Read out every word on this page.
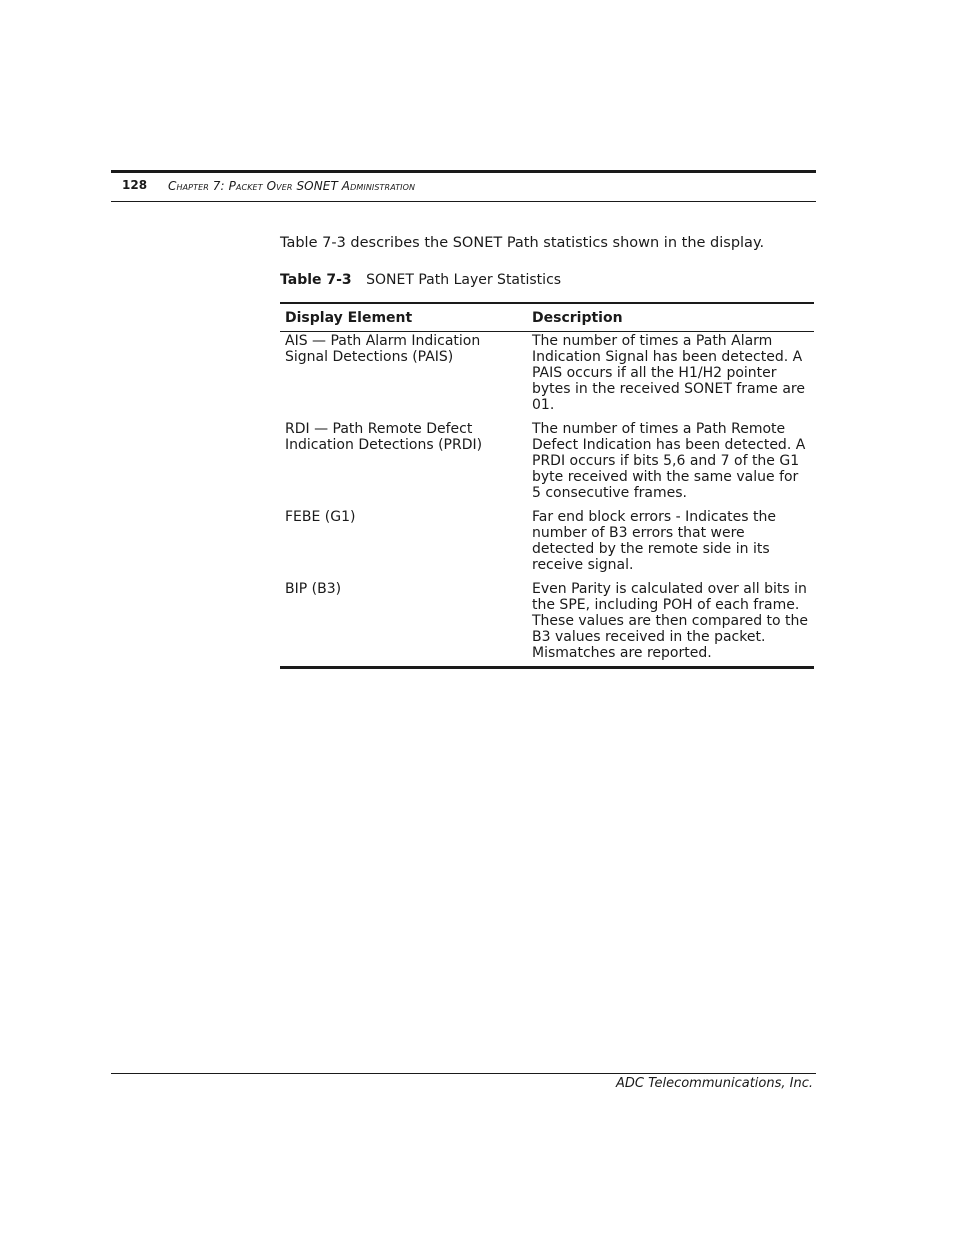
128 Chapter 7: Packet Over SONET Administration

Table 7-3 describes the SONET Path statistics shown in the display.

Table 7-3 SONET Path Layer Statistics
Display Element	Description
AIS — Path Alarm Indication Signal Detections (PAIS)	The number of times a Path Alarm Indication Signal has been detected. A PAIS occurs if all the H1/H2 pointer bytes in the received SONET frame are 01.
RDI — Path Remote Defect Indication Detections (PRDI)	The number of times a Path Remote Defect Indication has been detected. A PRDI occurs if bits 5,6 and 7 of the G1 byte received with the same value for 5 consecutive frames.
FEBE (G1)	Far end block errors - Indicates the number of B3 errors that were detected by the remote side in its receive signal.
BIP (B3)	Even Parity is calculated over all bits in the SPE, including POH of each frame. These values are then compared to the B3 values received in the packet. Mismatches are reported.
ADC Telecommunications, Inc.
